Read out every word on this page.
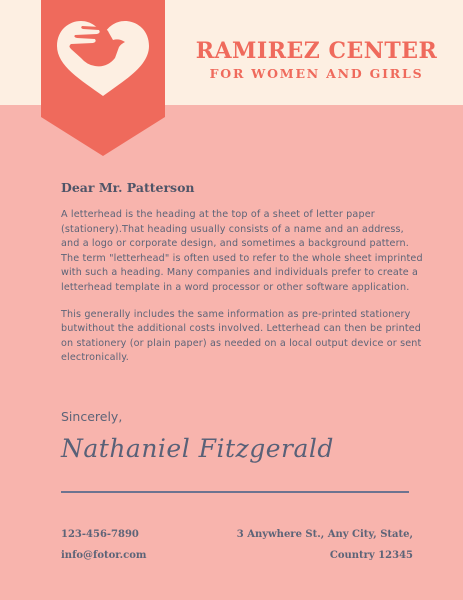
RAMIREZ CENTER
FOR WOMEN AND GIRLS

Dear Mr. Patterson

A letterhead is the heading at the top of a sheet of letter paper (stationery).That heading usually consists of a name and an address, and a logo or corporate design, and sometimes a background pattern. The term "letterhead" is often used to refer to the whole sheet imprinted with such a heading. Many companies and individuals prefer to create a letterhead template in a word processor or other software application.

This generally includes the same information as pre-printed stationery butwithout the additional costs involved. Letterhead can then be printed on stationery (or plain paper) as needed on a local output device or sent electronically.

Sincerely,
Nathaniel Fitzgerald
123-456-7890
info@fotor.com
3 Anywhere St., Any City, State,
Country 12345
